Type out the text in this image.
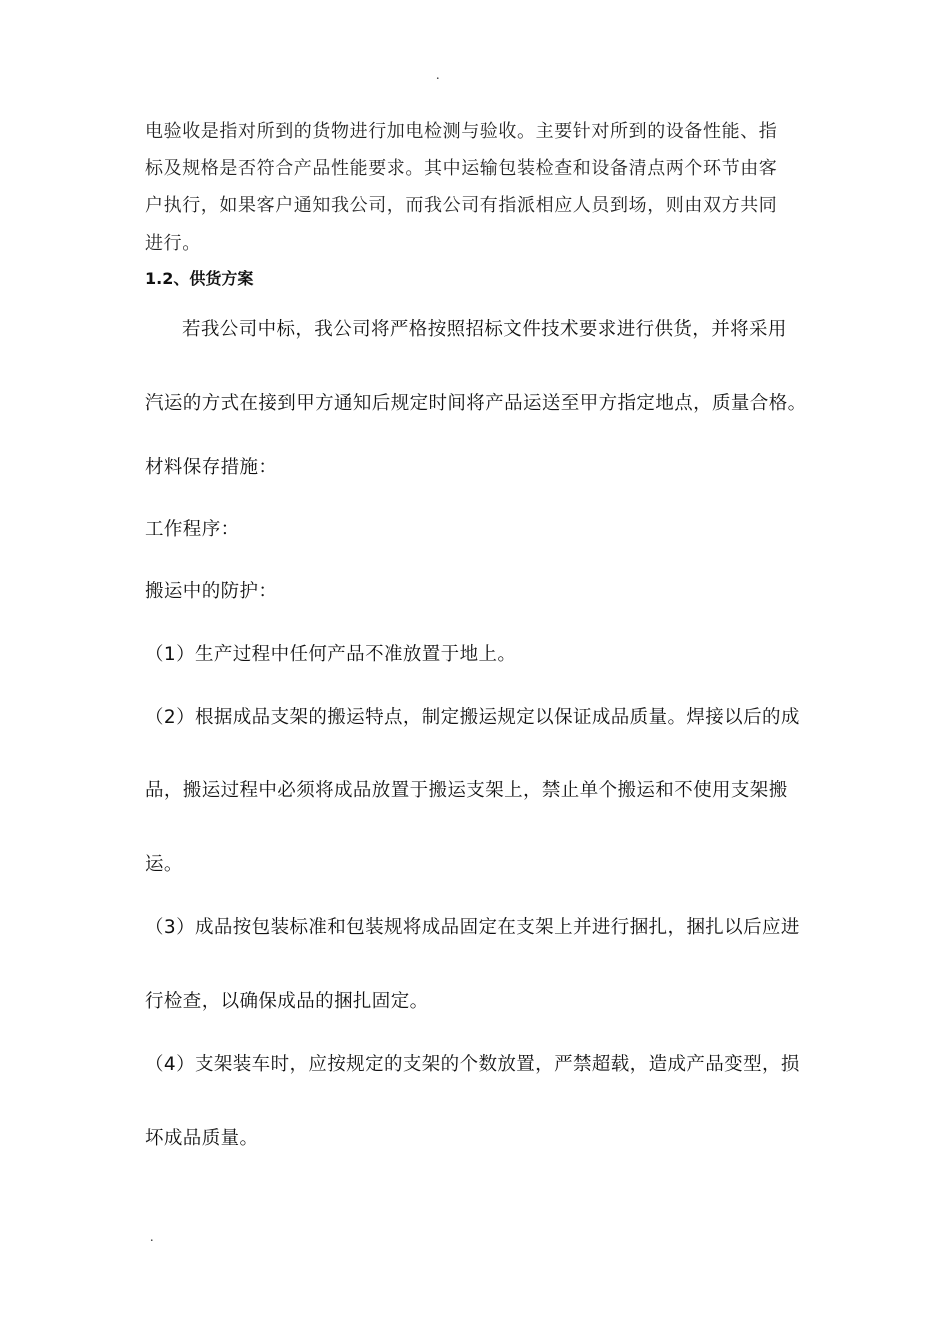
.
电验收是指对所到的货物进行加电检测与验收。主要针对所到的设备性能、指
标及规格是否符合产品性能要求。其中运输包装检查和设备清点两个环节由客
户执行，如果客户通知我公司，而我公司有指派相应人员到场，则由双方共同
进行。
1.2、供货方案
若我公司中标，我公司将严格按照招标文件技术要求进行供货，并将采用
汽运的方式在接到甲方通知后规定时间将产品运送至甲方指定地点，质量合格。
材料保存措施：
工作程序：
搬运中的防护：
（1）生产过程中任何产品不准放置于地上。
（2）根据成品支架的搬运特点，制定搬运规定以保证成品质量。焊接以后的成
品，搬运过程中必须将成品放置于搬运支架上，禁止单个搬运和不使用支架搬
运。
（3）成品按包装标准和包装规将成品固定在支架上并进行捆扎，捆扎以后应进
行检查，以确保成品的捆扎固定。
（4）支架装车时，应按规定的支架的个数放置，严禁超载，造成产品变型，损
坏成品质量。
.
